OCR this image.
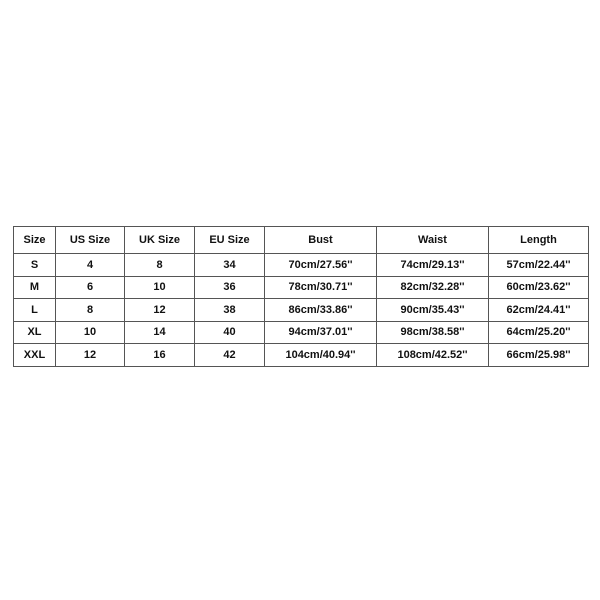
Size	US Size	UK Size	EU Size	Bust	Waist	Length
S	4	8	34	70cm/27.56''	74cm/29.13''	57cm/22.44''
M	6	10	36	78cm/30.71''	82cm/32.28''	60cm/23.62''
L	8	12	38	86cm/33.86''	90cm/35.43''	62cm/24.41''
XL	10	14	40	94cm/37.01''	98cm/38.58''	64cm/25.20''
XXL	12	16	42	104cm/40.94''	108cm/42.52''	66cm/25.98''
